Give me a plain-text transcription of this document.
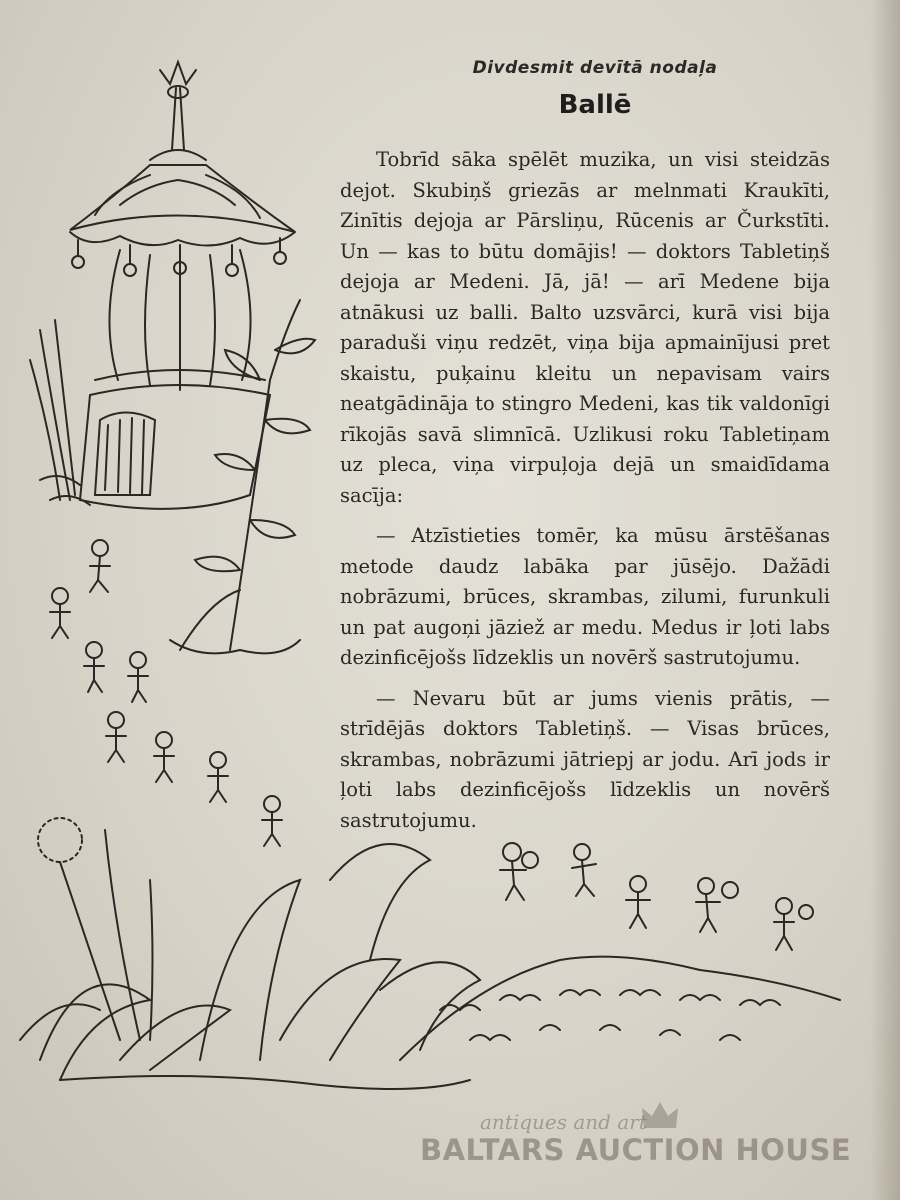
Divdesmit devītā nodaļa
Ballē

Tobrīd sāka spēlēt muzika, un visi steidzās dejot. Skubiņš griezās ar melnmati Kraukīti, Zinītis dejoja ar Pārsliņu, Rūcenis ar Čurkstīti. Un — kas to būtu domājis! — doktors Tabletiņš dejoja ar Medeni. Jā, jā! — arī Medene bija atnākusi uz balli. Balto uzsvārci, kurā visi bija paraduši viņu redzēt, viņa bija apmainījusi pret skaistu, puķainu kleitu un nepavisam vairs neatgādināja to stingro Medeni, kas tik valdonīgi rīkojās savā slimnīcā. Uzlikusi roku Tabletiņam uz pleca, viņa virpuļoja dejā un smaidīdama sacīja:

— Atzīstieties tomēr, ka mūsu ārstēšanas metode daudz labāka par jūsējo. Dažādi nobrāzumi, brūces, skrambas, zilumi, furunkuli un pat augoņi jāziež ar medu. Medus ir ļoti labs dezinficējošs līdzeklis un novērš sastrutojumu.

— Nevaru būt ar jums vienis prātis, — strīdējās doktors Tabletiņš. — Visas brūces, skrambas, nobrāzumi jātriepj ar jodu. Arī jods ir ļoti labs dezinficējošs līdzeklis un novērš sastrutojumu.

antiques and art
BALTARS AUCTION HOUSE
